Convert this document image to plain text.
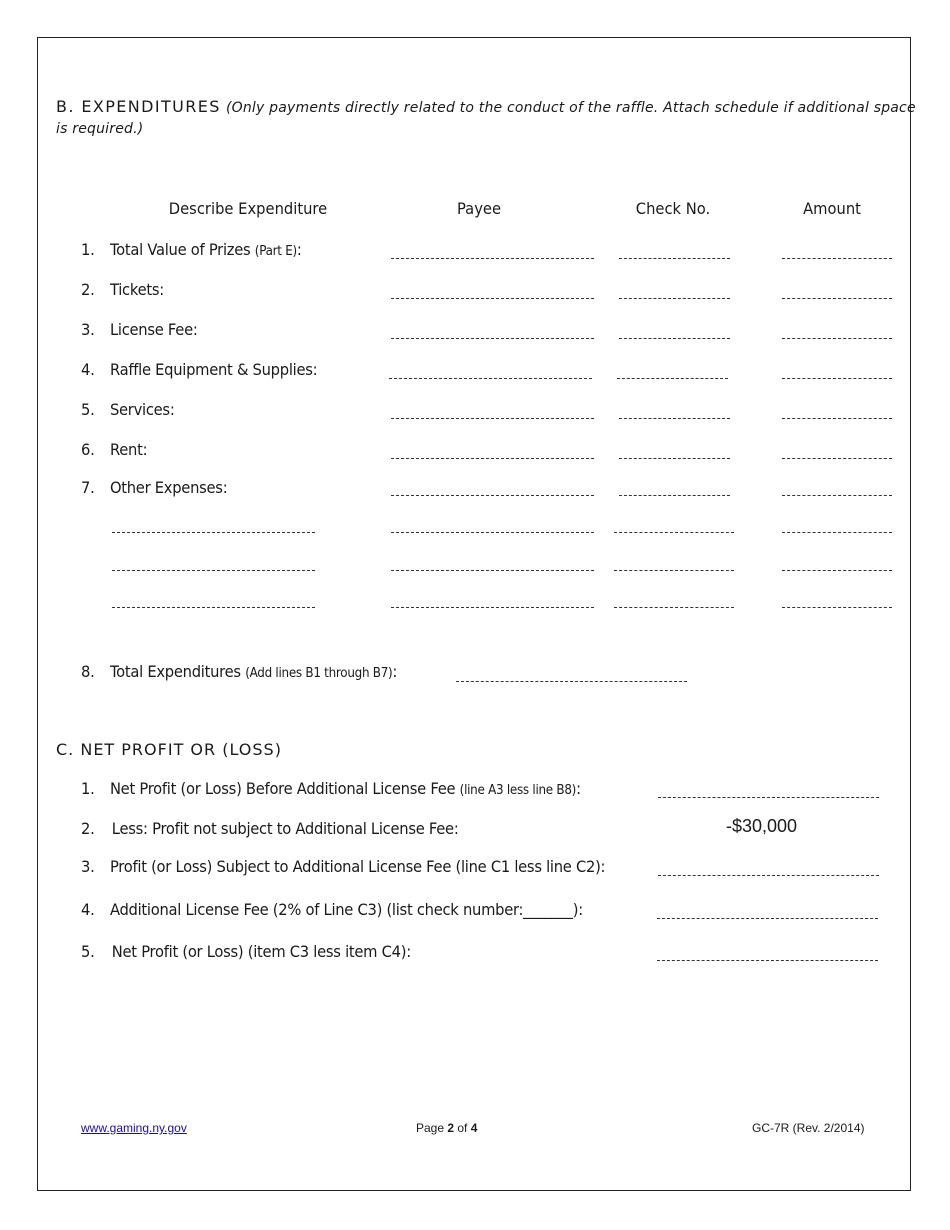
B. EXPENDITURES (Only payments directly related to the conduct of the raffle. Attach schedule if additional space
is required.)
Describe Expenditure	Payee	Check No.	Amount
1. Total Value of Prizes (Part E):
2. Tickets:
3. License Fee:
4. Raffle Equipment & Supplies:
5. Services:
6. Rent:
7. Other Expenses:
8. Total Expenditures (Add lines B1 through B7):
C. NET PROFIT OR (LOSS)
1. Net Profit (or Loss) Before Additional License Fee (line A3 less line B8):
2. Less: Profit not subject to Additional License Fee:	-$30,000
3. Profit (or Loss) Subject to Additional License Fee (line C1 less line C2):
4. Additional License Fee (2% of Line C3) (list check number:_______):
5. Net Profit (or Loss) (item C3 less item C4):
www.gaming.ny.gov	Page 2 of 4	GC-7R (Rev. 2/2014)
